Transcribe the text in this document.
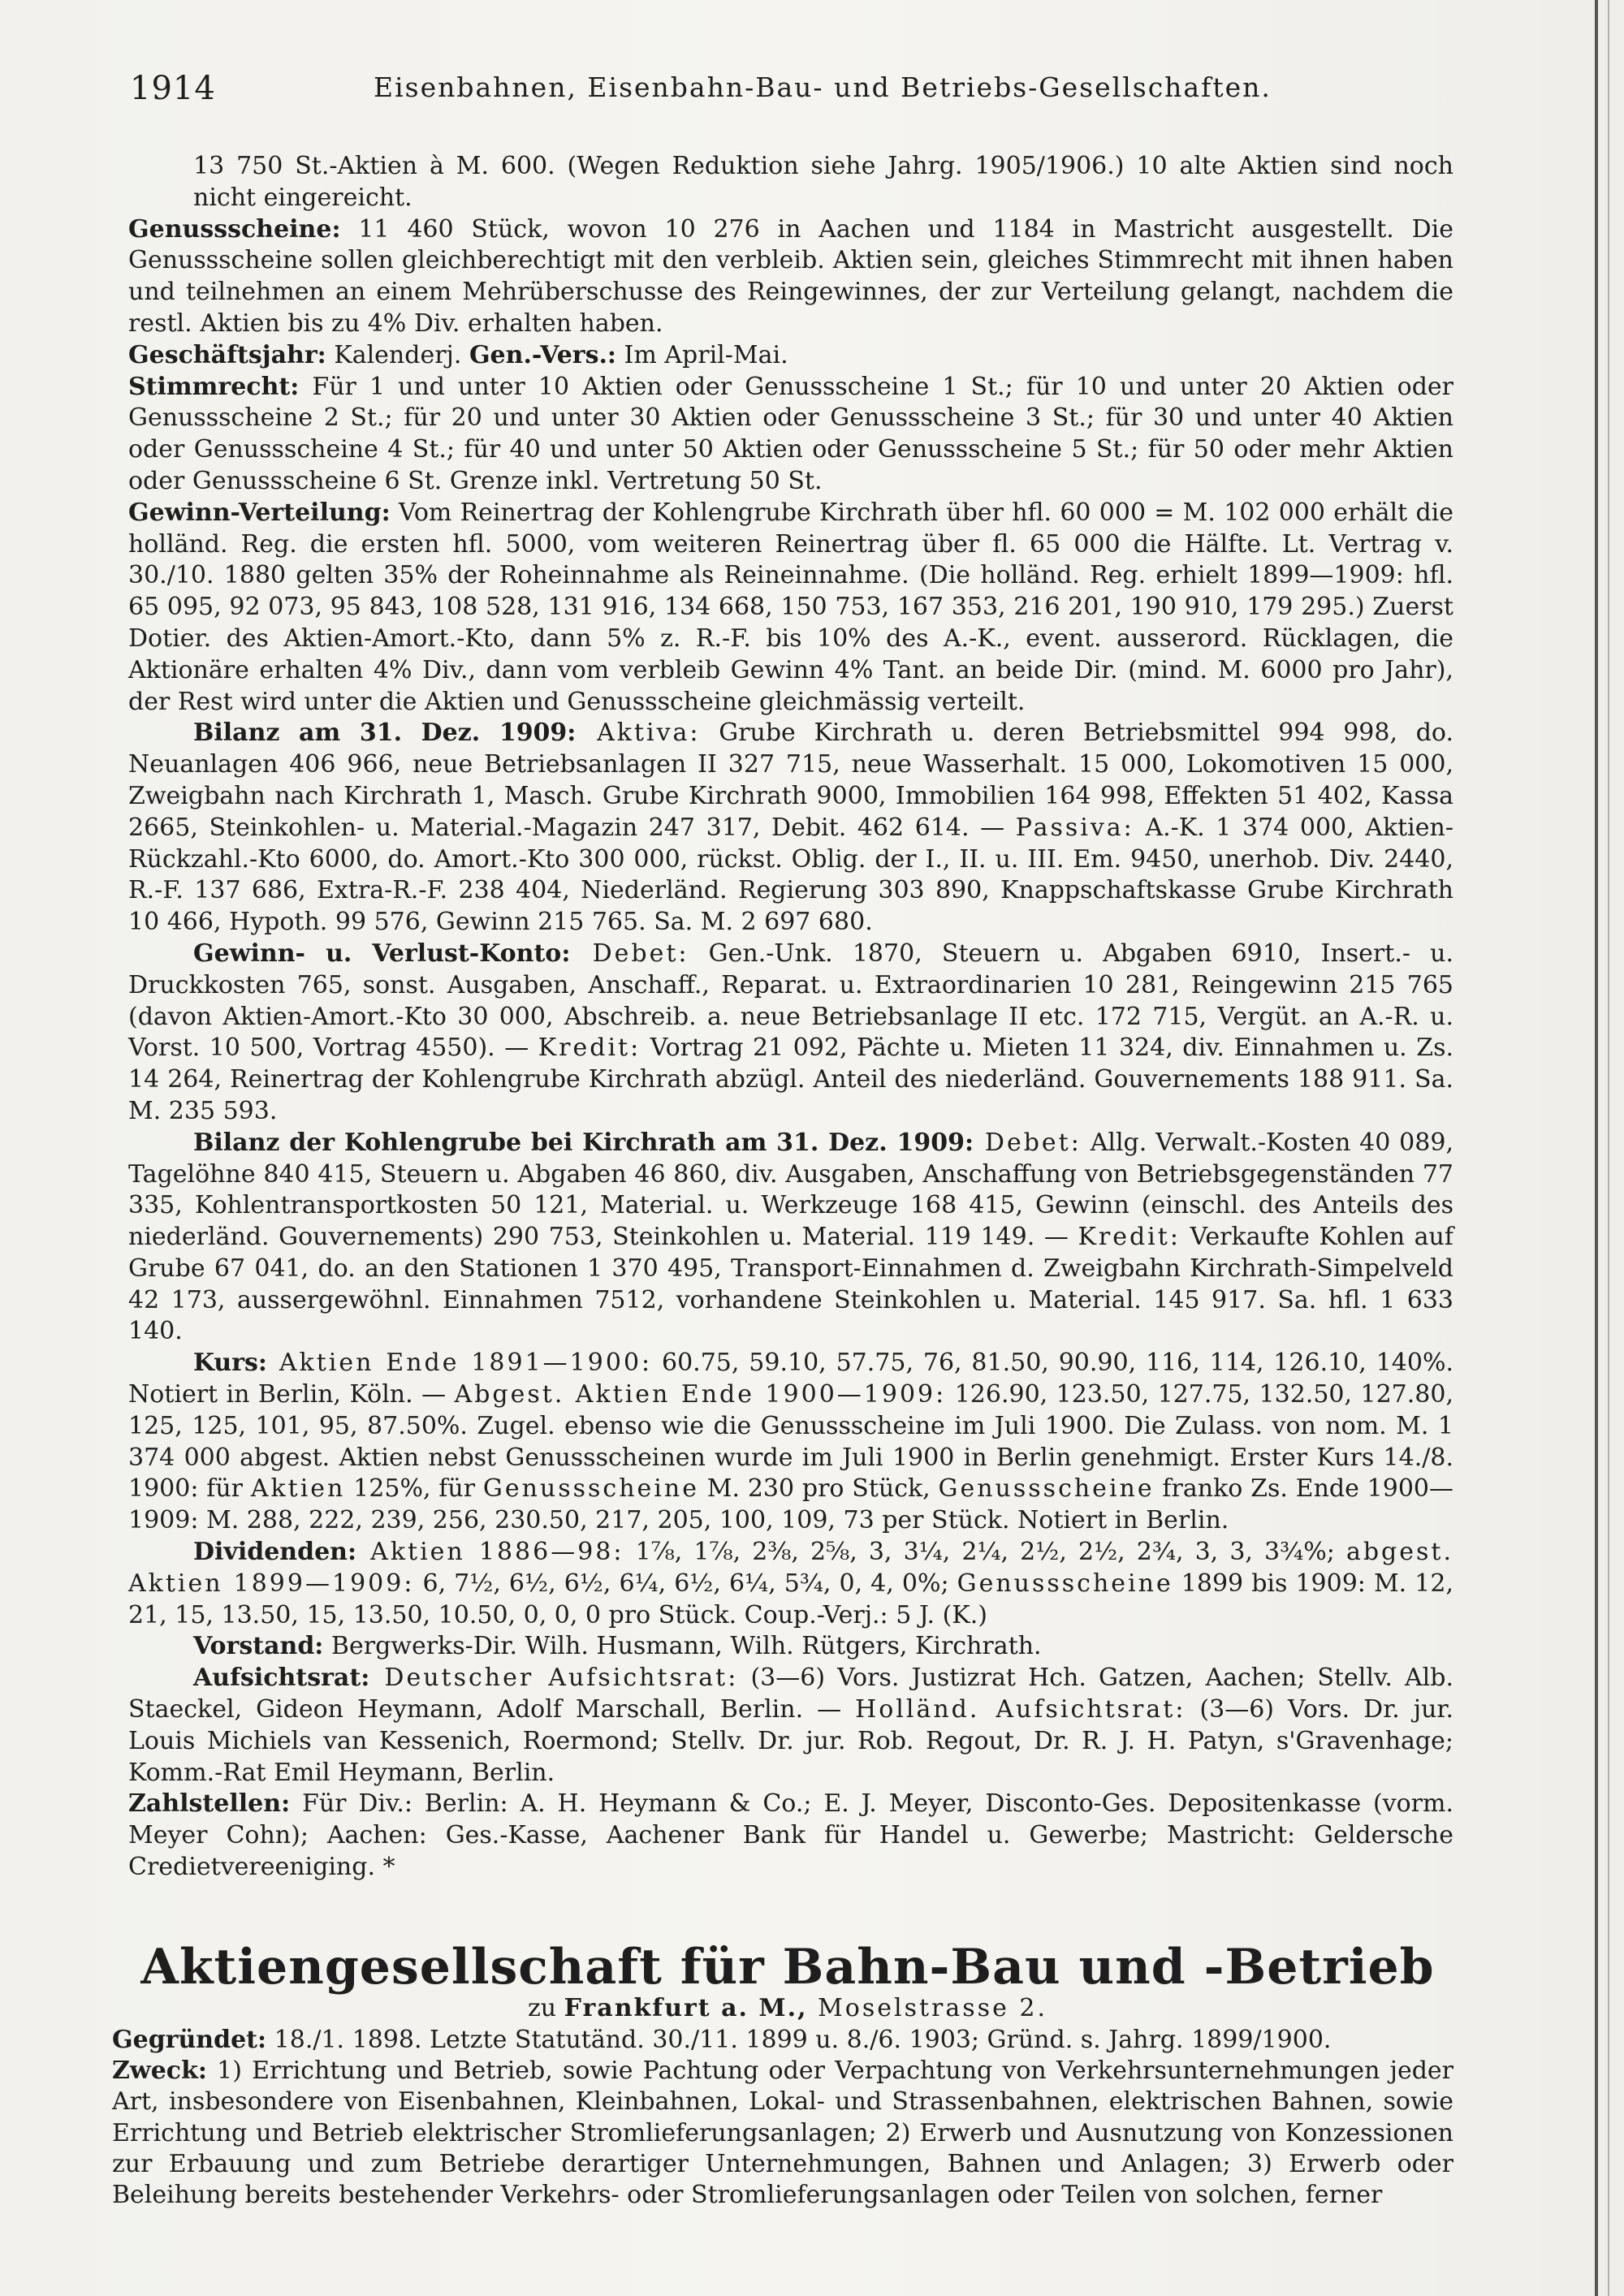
1914	Eisenbahnen, Eisenbahn-Bau- und Betriebs-Gesellschaften.

13 750 St.-Aktien à M. 600. (Wegen Reduktion siehe Jahrg. 1905/1906.) 10 alte Aktien sind noch nicht eingereicht.

Genussscheine: 11 460 Stück, wovon 10 276 in Aachen und 1184 in Mastricht ausgestellt. Die Genussscheine sollen gleichberechtigt mit den verbleib. Aktien sein, gleiches Stimmrecht mit ihnen haben und teilnehmen an einem Mehrüberschusse des Reingewinnes, der zur Verteilung gelangt, nachdem die restl. Aktien bis zu 4% Div. erhalten haben.

Geschäftsjahr: Kalenderj. Gen.-Vers.: Im April-Mai.

Stimmrecht: Für 1 und unter 10 Aktien oder Genussscheine 1 St.; für 10 und unter 20 Aktien oder Genussscheine 2 St.; für 20 und unter 30 Aktien oder Genussscheine 3 St.; für 30 und unter 40 Aktien oder Genussscheine 4 St.; für 40 und unter 50 Aktien oder Genussscheine 5 St.; für 50 oder mehr Aktien oder Genussscheine 6 St. Grenze inkl. Vertretung 50 St.

Gewinn-Verteilung: Vom Reinertrag der Kohlengrube Kirchrath über hfl. 60 000 = M. 102 000 erhält die holländ. Reg. die ersten hfl. 5000, vom weiteren Reinertrag über fl. 65 000 die Hälfte. Lt. Vertrag v. 30./10. 1880 gelten 35% der Roheinnahme als Reineinnahme. (Die holländ. Reg. erhielt 1899—1909: hfl. 65 095, 92 073, 95 843, 108 528, 131 916, 134 668, 150 753, 167 353, 216 201, 190 910, 179 295.) Zuerst Dotier. des Aktien-Amort.-Kto, dann 5% z. R.-F. bis 10% des A.-K., event. ausserord. Rücklagen, die Aktionäre erhalten 4% Div., dann vom verbleib Gewinn 4% Tant. an beide Dir. (mind. M. 6000 pro Jahr), der Rest wird unter die Aktien und Genussscheine gleichmässig verteilt.

Bilanz am 31. Dez. 1909: Aktiva: Grube Kirchrath u. deren Betriebsmittel 994 998, do. Neuanlagen 406 966, neue Betriebsanlagen II 327 715, neue Wasserhalt. 15 000, Lokomotiven 15 000, Zweigbahn nach Kirchrath 1, Masch. Grube Kirchrath 9000, Immobilien 164 998, Effekten 51 402, Kassa 2665, Steinkohlen- u. Material.-Magazin 247 317, Debit. 462 614. — Passiva: A.-K. 1 374 000, Aktien-Rückzahl.-Kto 6000, do. Amort.-Kto 300 000, rückst. Oblig. der I., II. u. III. Em. 9450, unerhob. Div. 2440, R.-F. 137 686, Extra-R.-F. 238 404, Niederländ. Regierung 303 890, Knappschaftskasse Grube Kirchrath 10 466, Hypoth. 99 576, Gewinn 215 765. Sa. M. 2 697 680.

Gewinn- u. Verlust-Konto: Debet: Gen.-Unk. 1870, Steuern u. Abgaben 6910, Insert.- u. Druckkosten 765, sonst. Ausgaben, Anschaff., Reparat. u. Extraordinarien 10 281, Reingewinn 215 765 (davon Aktien-Amort.-Kto 30 000, Abschreib. a. neue Betriebsanlage II etc. 172 715, Vergüt. an A.-R. u. Vorst. 10 500, Vortrag 4550). — Kredit: Vortrag 21 092, Pächte u. Mieten 11 324, div. Einnahmen u. Zs. 14 264, Reinertrag der Kohlengrube Kirchrath abzügl. Anteil des niederländ. Gouvernements 188 911. Sa. M. 235 593.

Bilanz der Kohlengrube bei Kirchrath am 31. Dez. 1909: Debet: Allg. Verwalt.-Kosten 40 089, Tagelöhne 840 415, Steuern u. Abgaben 46 860, div. Ausgaben, Anschaffung von Betriebsgegenständen 77 335, Kohlentransportkosten 50 121, Material. u. Werkzeuge 168 415, Gewinn (einschl. des Anteils des niederländ. Gouvernements) 290 753, Steinkohlen u. Material. 119 149. — Kredit: Verkaufte Kohlen auf Grube 67 041, do. an den Stationen 1 370 495, Transport-Einnahmen d. Zweigbahn Kirchrath-Simpelveld 42 173, aussergewöhnl. Einnahmen 7512, vorhandene Steinkohlen u. Material. 145 917. Sa. hfl. 1 633 140.

Kurs: Aktien Ende 1891—1900: 60.75, 59.10, 57.75, 76, 81.50, 90.90, 116, 114, 126.10, 140%. Notiert in Berlin, Köln. — Abgest. Aktien Ende 1900—1909: 126.90, 123.50, 127.75, 132.50, 127.80, 125, 125, 101, 95, 87.50%. Zugel. ebenso wie die Genussscheine im Juli 1900. Die Zulass. von nom. M. 1 374 000 abgest. Aktien nebst Genussscheinen wurde im Juli 1900 in Berlin genehmigt. Erster Kurs 14./8. 1900: für Aktien 125%, für Genussscheine M. 230 pro Stück, Genussscheine franko Zs. Ende 1900—1909: M. 288, 222, 239, 256, 230.50, 217, 205, 100, 109, 73 per Stück. Notiert in Berlin.

Dividenden: Aktien 1886—98: 1⅞, 1⅞, 2⅜, 2⅝, 3, 3¼, 2¼, 2½, 2½, 2¾, 3, 3, 3¾%; abgest. Aktien 1899—1909: 6, 7½, 6½, 6½, 6¼, 6½, 6¼, 5¾, 0, 4, 0%; Genussscheine 1899 bis 1909: M. 12, 21, 15, 13.50, 15, 13.50, 10.50, 0, 0, 0 pro Stück. Coup.-Verj.: 5 J. (K.)

Vorstand: Bergwerks-Dir. Wilh. Husmann, Wilh. Rütgers, Kirchrath.

Aufsichtsrat: Deutscher Aufsichtsrat: (3—6) Vors. Justizrat Hch. Gatzen, Aachen; Stellv. Alb. Staeckel, Gideon Heymann, Adolf Marschall, Berlin. — Holländ. Aufsichtsrat: (3—6) Vors. Dr. jur. Louis Michiels van Kessenich, Roermond; Stellv. Dr. jur. Rob. Regout, Dr. R. J. H. Patyn, s'Gravenhage; Komm.-Rat Emil Heymann, Berlin.

Zahlstellen: Für Div.: Berlin: A. H. Heymann & Co.; E. J. Meyer, Disconto-Ges. Depositenkasse (vorm. Meyer Cohn); Aachen: Ges.-Kasse, Aachener Bank für Handel u. Gewerbe; Mastricht: Geldersche Credietvereeniging. *

Aktiengesellschaft für Bahn-Bau und -Betrieb
zu Frankfurt a. M., Moselstrasse 2.

Gegründet: 18./1. 1898. Letzte Statutänd. 30./11. 1899 u. 8./6. 1903; Gründ. s. Jahrg. 1899/1900.

Zweck: 1) Errichtung und Betrieb, sowie Pachtung oder Verpachtung von Verkehrsunternehmungen jeder Art, insbesondere von Eisenbahnen, Kleinbahnen, Lokal- und Strassenbahnen, elektrischen Bahnen, sowie Errichtung und Betrieb elektrischer Stromlieferungsanlagen; 2) Erwerb und Ausnutzung von Konzessionen zur Erbauung und zum Betriebe derartiger Unternehmungen, Bahnen und Anlagen; 3) Erwerb oder Beleihung bereits bestehender Verkehrs- oder Stromlieferungsanlagen oder Teilen von solchen, ferner
